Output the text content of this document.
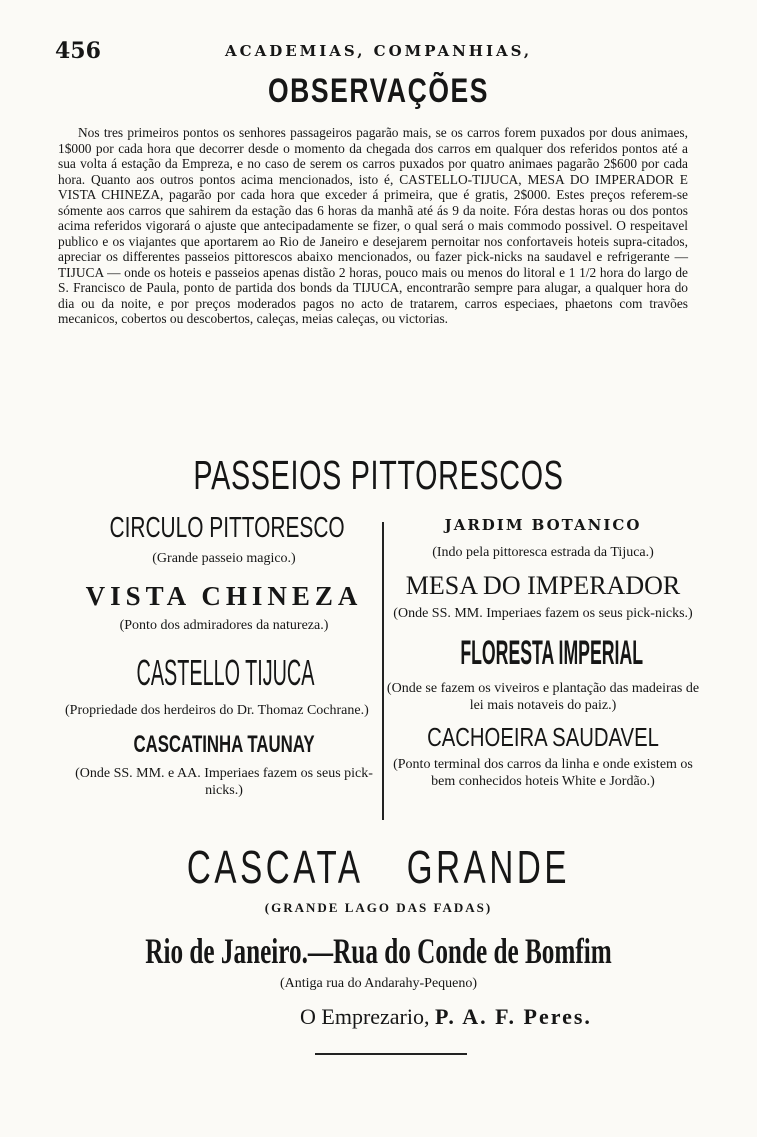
456	ACADEMIAS, COMPANHIAS,
OBSERVAÇÕES

Nos tres primeiros pontos os senhores passageiros pagarão mais, se os carros forem puxados por dous animaes, 1$000 por cada hora que decorrer desde o momento da chegada dos carros em qualquer dos referidos pontos até a sua volta á estação da Empreza, e no caso de serem os carros puxados por quatro animaes pagarão 2$600 por cada hora. Quanto aos outros pontos acima mencionados, isto é, CASTELLO-TIJUCA, MESA DO IMPERADOR E VISTA CHINEZA, pagarão por cada hora que exceder á primeira, que é gratis, 2$000. Estes preços referem-se sómente aos carros que sahirem da estação das 6 horas da manhã até ás 9 da noite. Fóra destas horas ou dos pontos acima referidos vigorará o ajuste que antecipadamente se fizer, o qual será o mais commodo possivel. O respeitavel publico e os viajantes que aportarem ao Rio de Janeiro e desejarem pernoitar nos confortaveis hoteis supra-citados, apreciar os differentes passeios pittorescos abaixo mencionados, ou fazer pick-nicks na saudavel e refrigerante — TIJUCA — onde os hoteis e passeios apenas distão 2 horas, pouco mais ou menos do litoral e 1 1/2 hora do largo de S. Francisco de Paula, ponto de partida dos bonds da TIJUCA, encontrarão sempre para alugar, a qualquer hora do dia ou da noite, e por preços moderados pagos no acto de tratarem, carros especiaes, phaetons com travões mecanicos, cobertos ou descobertos, caleças, meias caleças, ou victorias.

PASSEIOS PITTORESCOS
CIRCULO PITTORESCO
(Grande passeio magico.)
VISTA CHINEZA
(Ponto dos admiradores da natureza.)
CASTELLO TIJUCA
(Propriedade dos herdeiros do Dr. Thomaz Cochrane.)
CASCATINHA TAUNAY
(Onde SS. MM. e AA. Imperiaes fazem os seus pick-nicks.)
JARDIM BOTANICO
(Indo pela pittoresca estrada da Tijuca.)
MESA DO IMPERADOR
(Onde SS. MM. Imperiaes fazem os seus pick-nicks.)
FLORESTA IMPERIAL
(Onde se fazem os viveiros e plantação das madeiras de lei mais notaveis do paiz.)
CACHOEIRA SAUDAVEL
(Ponto terminal dos carros da linha e onde existem os bem conhecidos hoteis White e Jordão.)
CASCATA GRANDE
(GRANDE LAGO DAS FADAS)
Rio de Janeiro.—Rua do Conde de Bomfim
(Antiga rua do Andarahy-Pequeno)
O Emprezario, P. A. F. Peres.
